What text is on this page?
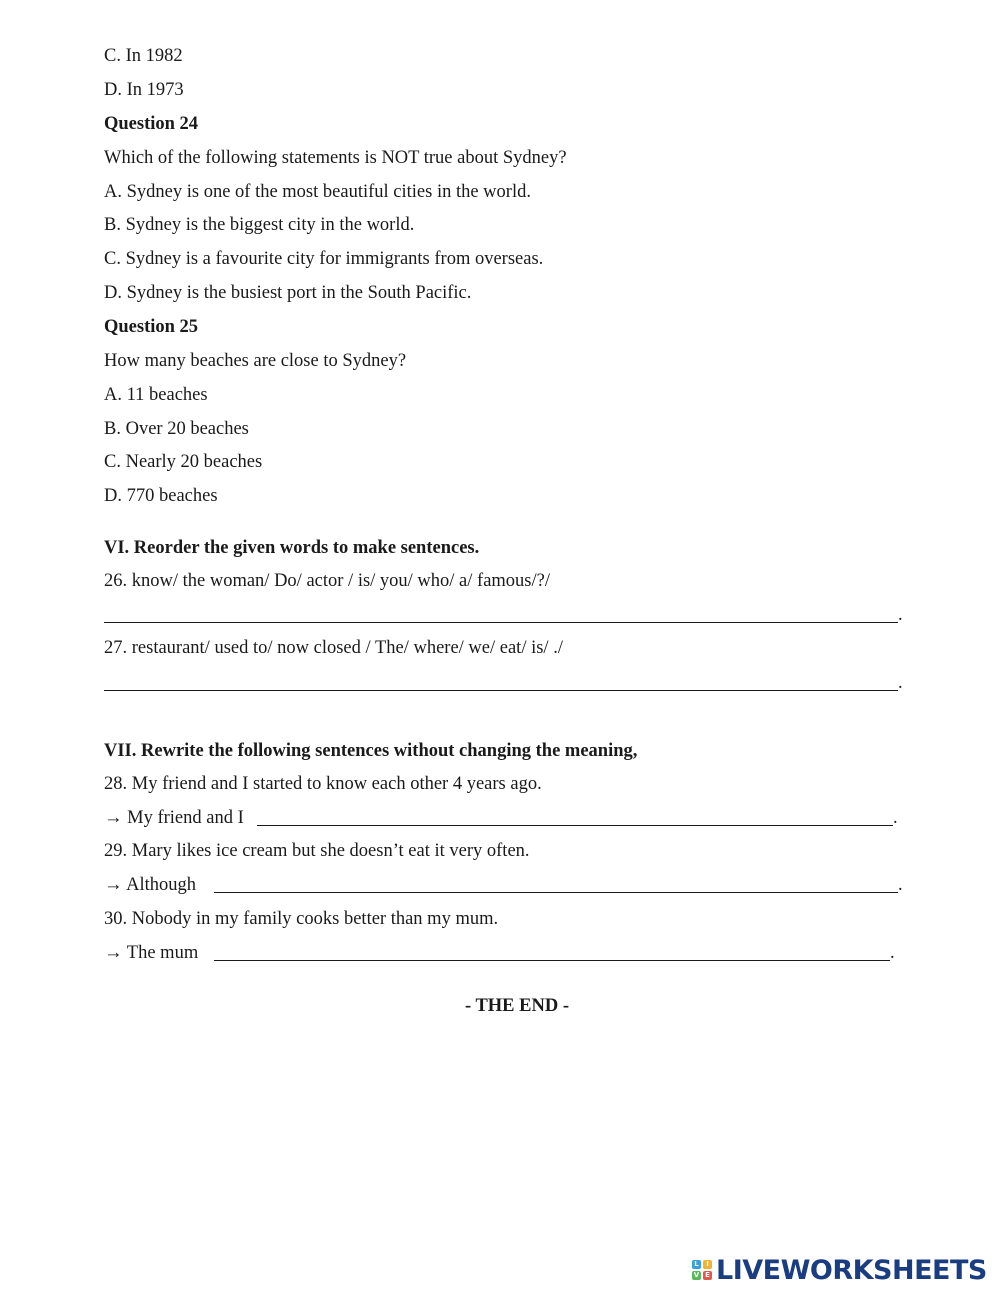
C. In 1982

D. In 1973

Question 24

Which of the following statements is NOT true about Sydney?

A. Sydney is one of the most beautiful cities in the world.

B. Sydney is the biggest city in the world.

C. Sydney is a favourite city for immigrants from overseas.

D. Sydney is the busiest port in the South Pacific.

Question 25

How many beaches are close to Sydney?

A. 11 beaches

B. Over 20 beaches

C. Nearly 20 beaches

D. 770 beaches

VI. Reorder the given words to make sentences.

26. know/ the woman/ Do/ actor / is/ you/ who/ a/ famous/?/

.

27. restaurant/ used to/ now closed / The/ where/ we/ eat/ is/ ./

.

VII. Rewrite the following sentences without changing the meaning,

28. My friend and I started to know each other 4 years ago.

→ My friend and I	.

29. Mary likes ice cream but she doesn’t eat it very often.

→ Although	.

30. Nobody in my family cooks better than my mum.

→ The mum	.

- THE END -

L	I
V E LIVEWORKSHEETS
